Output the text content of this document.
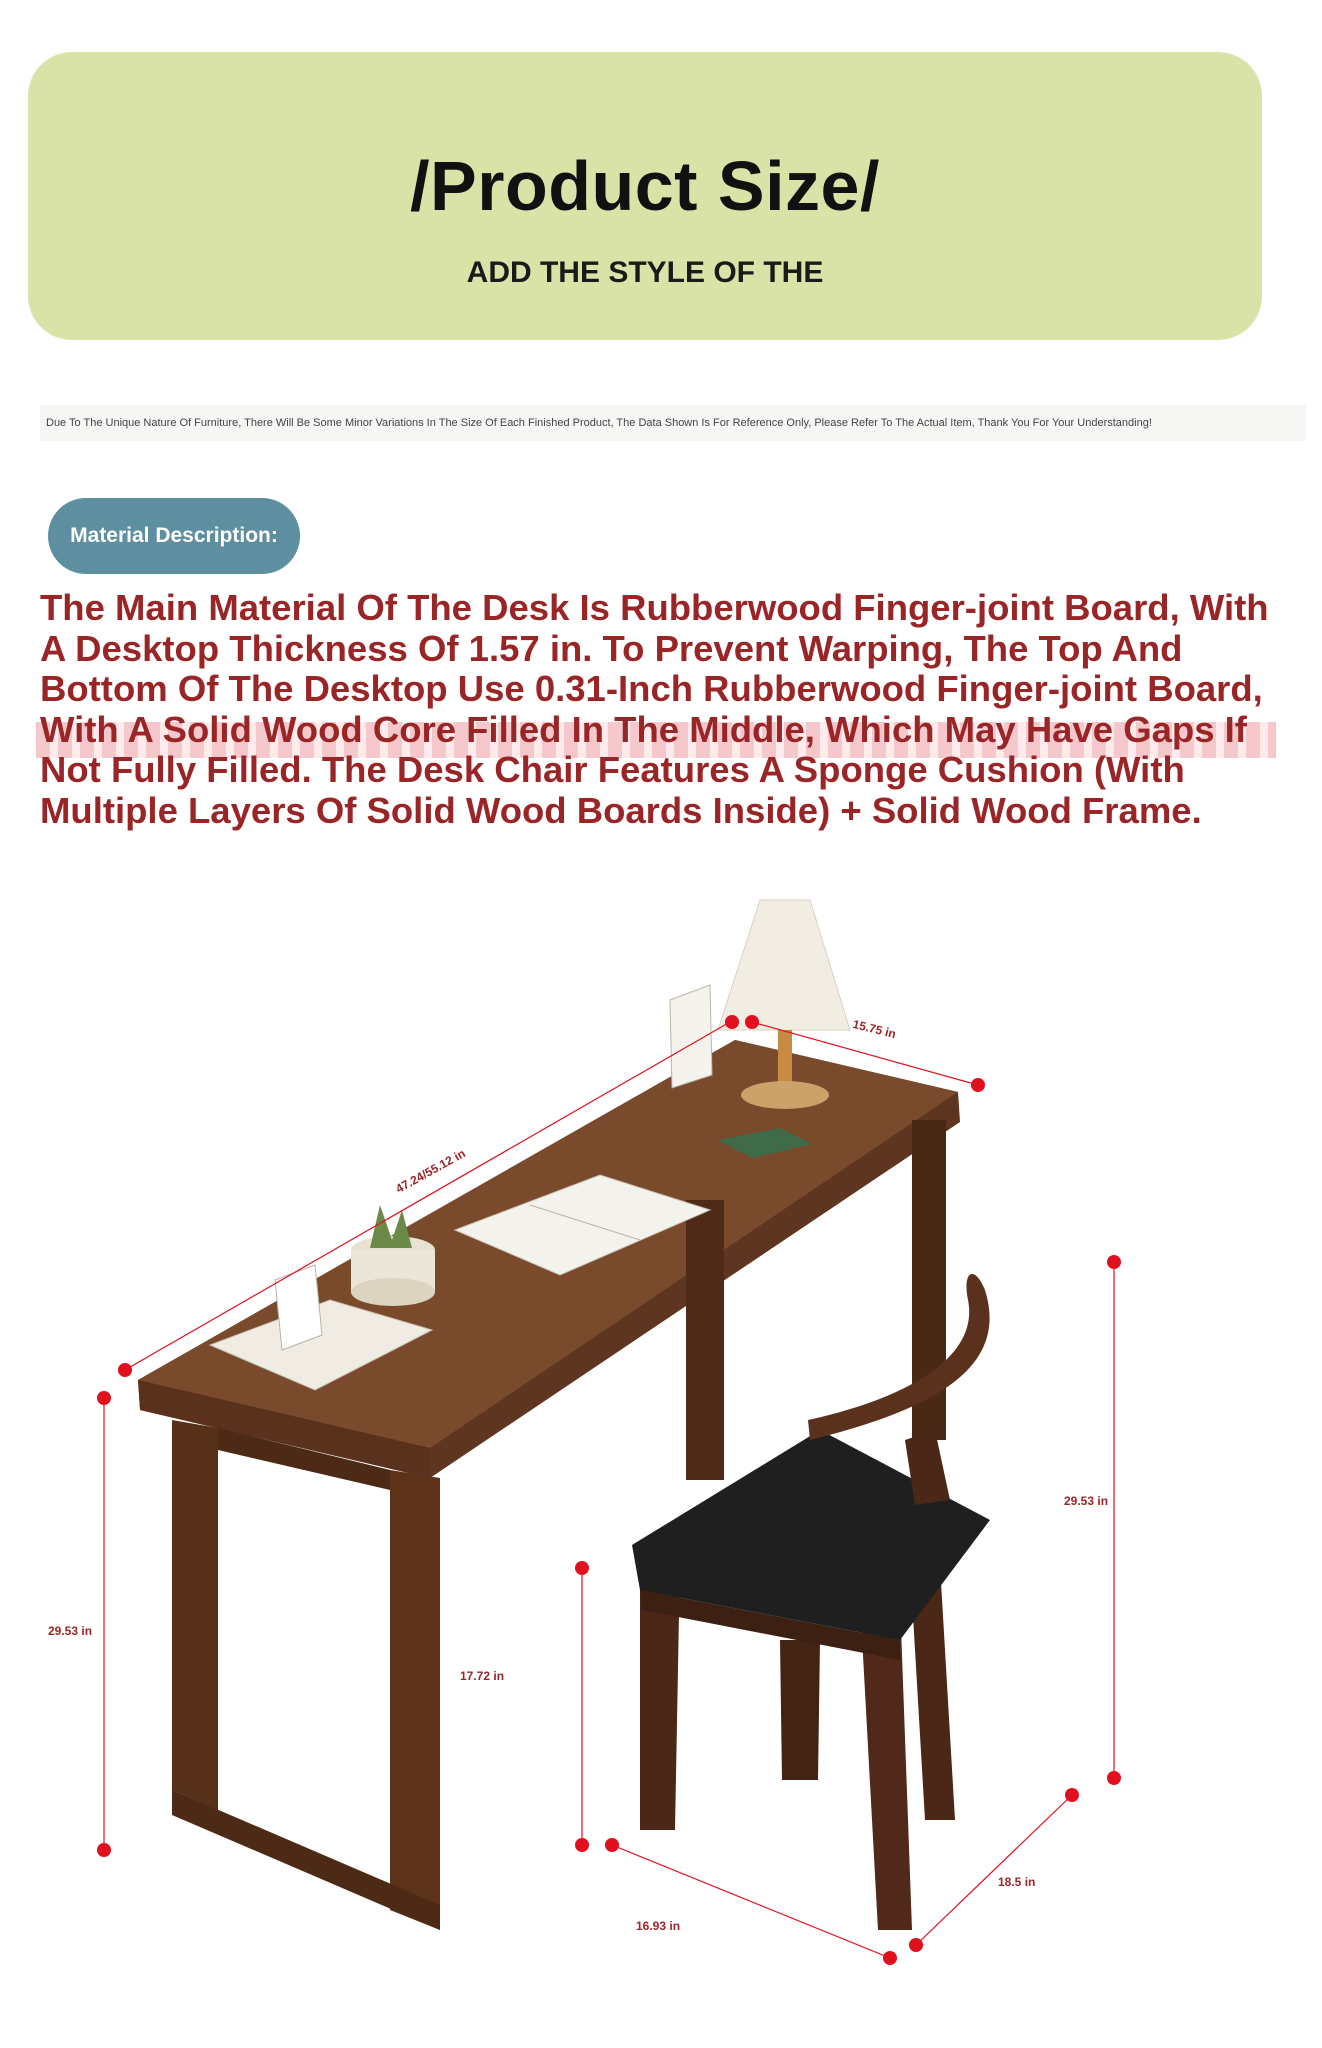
/Product Size/
ADD THE STYLE OF THE
Due To The Unique Nature Of Furniture, There Will Be Some Minor Variations In The Size Of Each Finished Product, The Data Shown Is For Reference Only, Please Refer To The Actual Item, Thank You For Your Understanding!
Material Description:
The Main Material Of The Desk Is Rubberwood Finger-joint Board, With A Desktop Thickness Of 1.57 in. To Prevent Warping, The Top And Bottom Of The Desktop Use 0.31-Inch Rubberwood Finger-joint Board, With A Solid Wood Core Filled In The Middle, Which May Have Gaps If Not Fully Filled. The Desk Chair Features A Sponge Cushion (With Multiple Layers Of Solid Wood Boards Inside) + Solid Wood Frame.
47.24/55.12 in
15.75 in
29.53 in
17.72 in
29.53 in
16.93 in
18.5 in
